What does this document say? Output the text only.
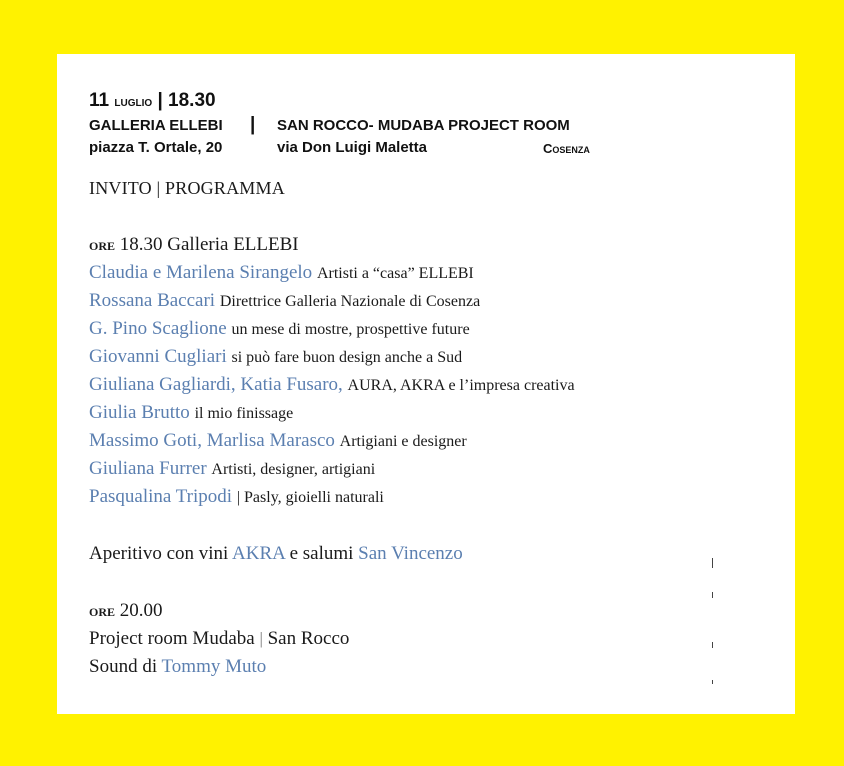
11 luglio | 18.30
GALLERIA ELLEBI | SAN ROCCO- MUDABA PROJECT ROOM
piazza T. Ortale, 20	via Don Luigi Maletta	Cosenza
INVITO | PROGRAMMA
ore 18.30 Galleria ELLEBI
Claudia e Marilena Sirangelo Artisti a “casa” ELLEBI
Rossana Baccari Direttrice Galleria Nazionale di Cosenza
G. Pino Scaglione un mese di mostre, prospettive future
Giovanni Cugliari si può fare buon design anche a Sud
Giuliana Gagliardi, Katia Fusaro, AURA, AKRA e l’impresa creativa
Giulia Brutto il mio finissage
Massimo Goti, Marlisa Marasco Artigiani e designer
Giuliana Furrer Artisti, designer, artigiani
Pasqualina Tripodi | Pasly, gioielli naturali
Aperitivo con vini AKRA e salumi San Vincenzo
ore 20.00
Project room Mudaba | San Rocco
Sound di Tommy Muto
